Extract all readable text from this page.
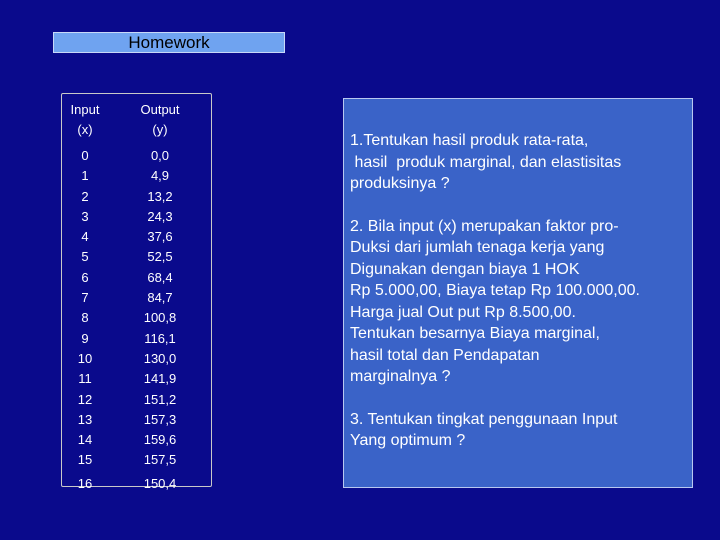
Homework
Input
(x)
0
1
2
3
4
5
6
7
8
9
10
11
12
13
14
15
16
Output
(y)
0,0
4,9
13,2
24,3
37,6
52,5
68,4
84,7
100,8
116,1
130,0
141,9
151,2
157,3
159,6
157,5
150,4
1.Tentukan hasil produk rata-rata,
hasil  produk marginal, dan elastisitas
produksinya ?
2. Bila input (x) merupakan faktor pro-
Duksi dari jumlah tenaga kerja yang
Digunakan dengan biaya 1 HOK
Rp 5.000,00, Biaya tetap Rp 100.000,00.
Harga jual Out put Rp 8.500,00.
Tentukan besarnya Biaya marginal,
hasil total dan Pendapatan
marginalnya ?
3. Tentukan tingkat penggunaan Input
Yang optimum ?
